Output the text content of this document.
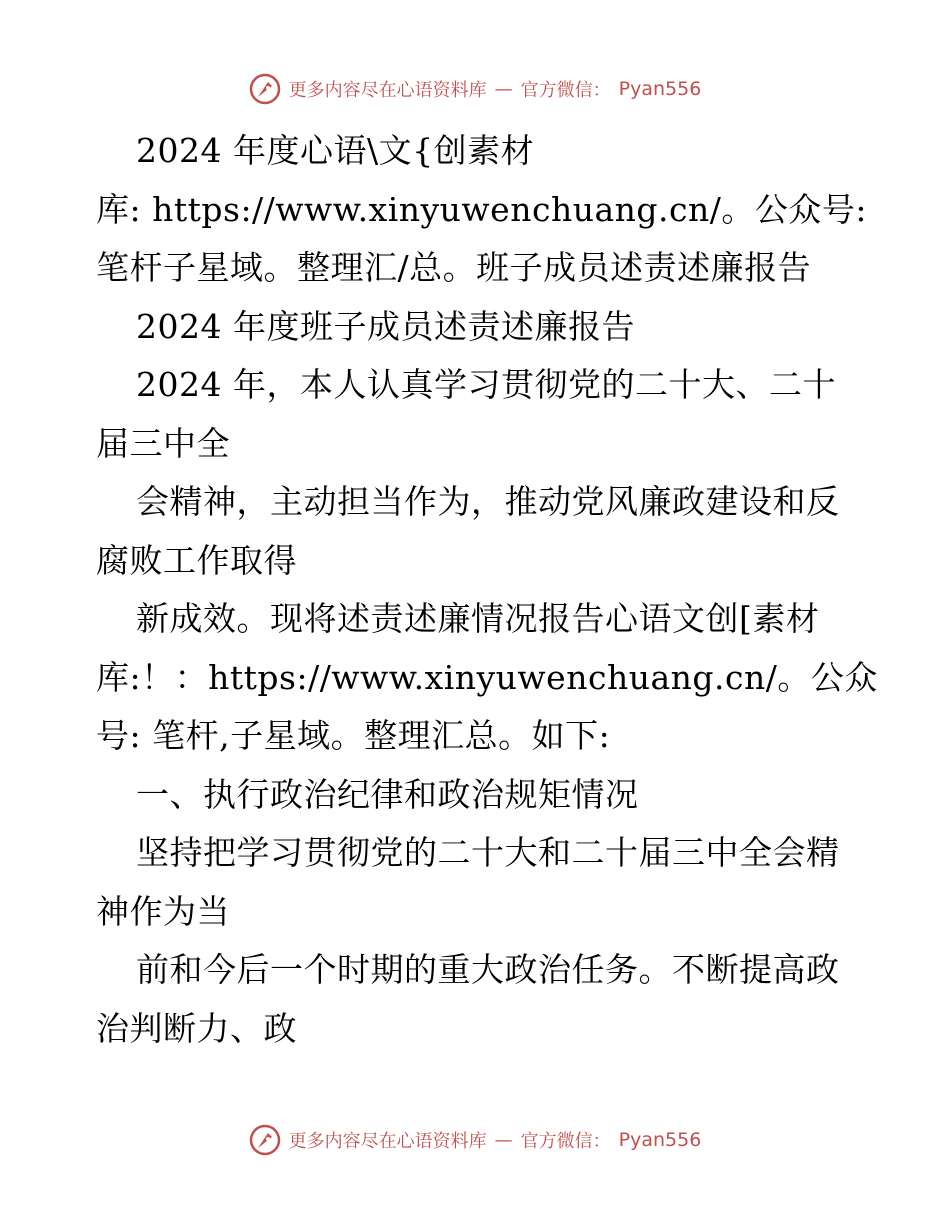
更多内容尽在心语资料库 — 官方微信： Pyan556

2024 年度心语\文{创素材

库: https://www.xinyuwenchuang.cn/。公众号:

笔杆子星域。整理汇/总。班子成员述责述廉报告

2024 年度班子成员述责述廉报告

2024 年，本人认真学习贯彻党的二十大、二十

届三中全

会精神，主动担当作为，推动党风廉政建设和反

腐败工作取得

新成效。现将述责述廉情况报告心语文创[素材

库:！：https://www.xinyuwenchuang.cn/。公众

号: 笔杆,子星域。整理汇总。如下:

一、执行政治纪律和政治规矩情况

坚持把学习贯彻党的二十大和二十届三中全会精

神作为当

前和今后一个时期的重大政治任务。不断提高政

治判断力、政

更多内容尽在心语资料库 — 官方微信： Pyan556
